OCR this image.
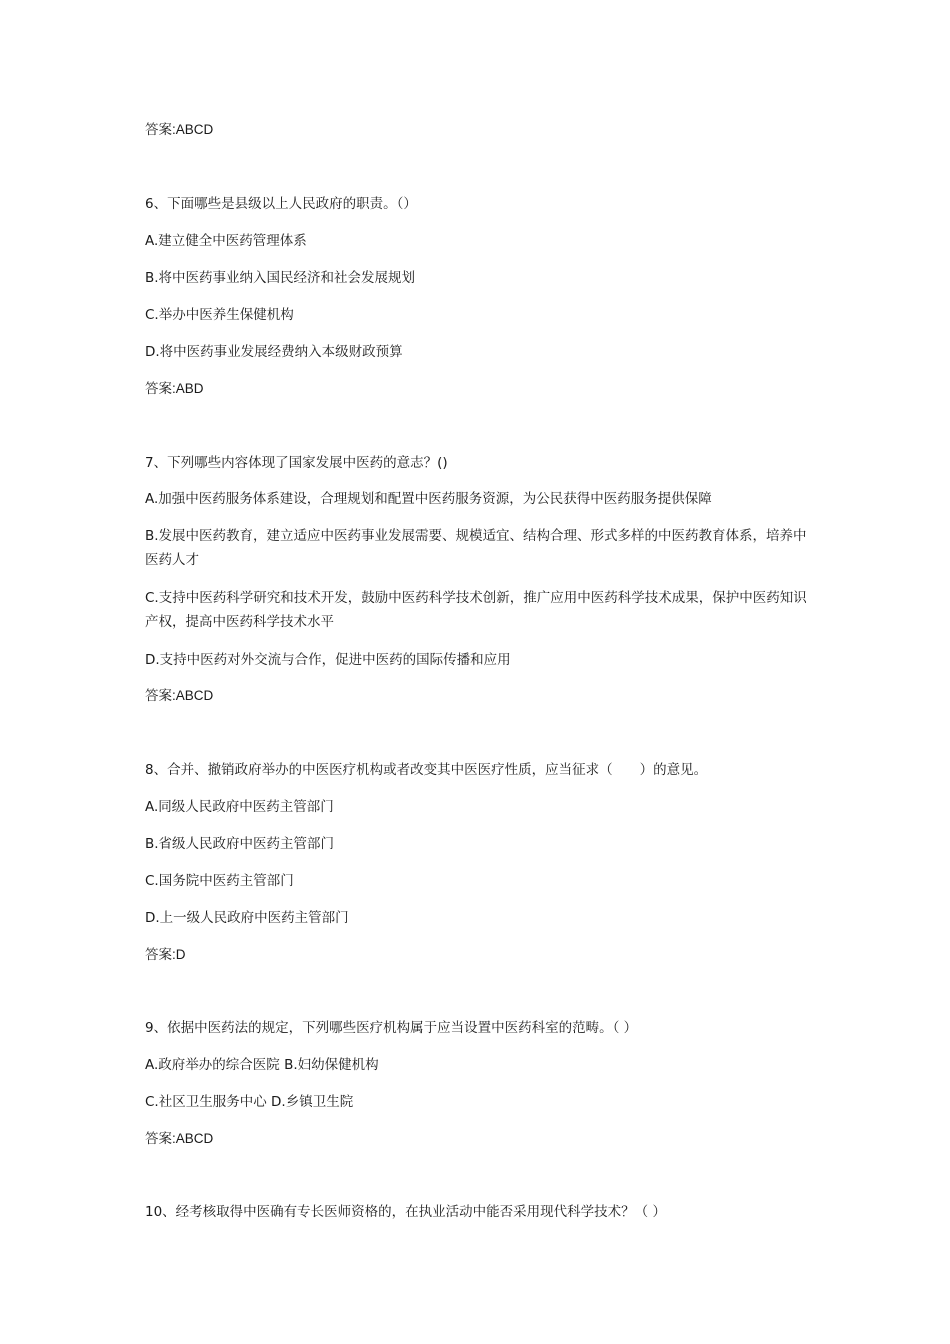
答案:ABCD
6、下面哪些是县级以上人民政府的职责。（）
A.建立健全中医药管理体系
B.将中医药事业纳入国民经济和社会发展规划
C.举办中医养生保健机构
D.将中医药事业发展经费纳入本级财政预算
答案:ABD
7、下列哪些内容体现了国家发展中医药的意志？()
A.加强中医药服务体系建设，合理规划和配置中医药服务资源，为公民获得中医药服务提供保障
B.发展中医药教育，建立适应中医药事业发展需要、规模适宜、结构合理、形式多样的中医药教育体系，培养中医药人才
C.支持中医药科学研究和技术开发，鼓励中医药科学技术创新，推广应用中医药科学技术成果，保护中医药知识产权，提高中医药科学技术水平
D.支持中医药对外交流与合作，促进中医药的国际传播和应用
答案:ABCD
8、合并、撤销政府举办的中医医疗机构或者改变其中医医疗性质，应当征求（　　）的意见。
A.同级人民政府中医药主管部门
B.省级人民政府中医药主管部门
C.国务院中医药主管部门
D.上一级人民政府中医药主管部门
答案:D
9、依据中医药法的规定，下列哪些医疗机构属于应当设置中医药科室的范畴。（ ）
A.政府举办的综合医院 B.妇幼保健机构
C.社区卫生服务中心 D.乡镇卫生院
答案:ABCD
10、经考核取得中医确有专长医师资格的，在执业活动中能否采用现代科学技术？（ ）
